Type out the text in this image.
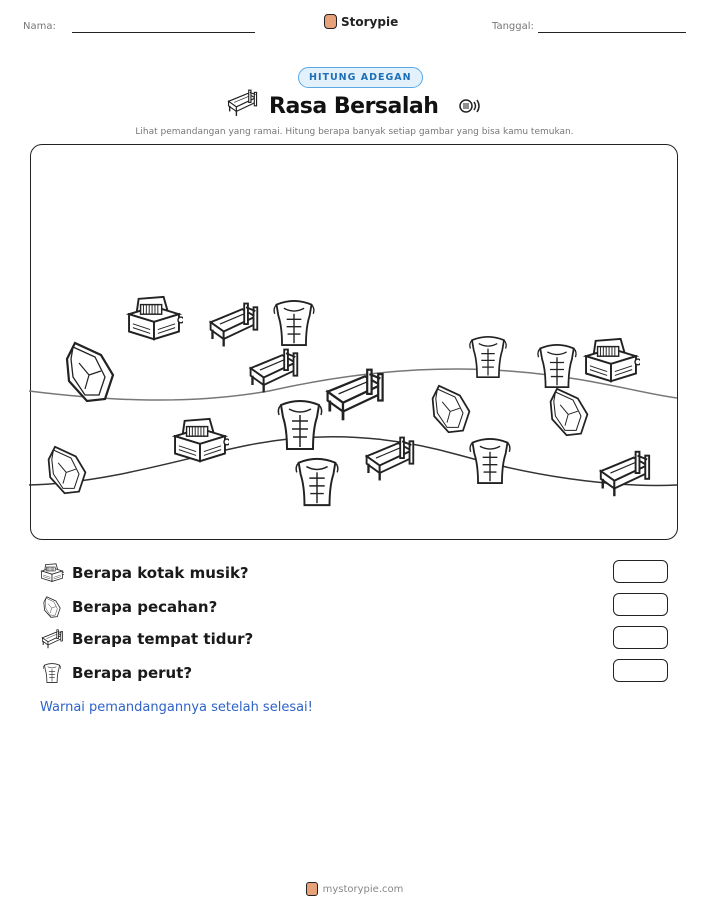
Nama:	Storypie	Tanggal:
HITUNG ADEGAN
Rasa Bersalah
Lihat pemandangan yang ramai. Hitung berapa banyak setiap gambar yang bisa kamu temukan.
Berapa kotak musik?
Berapa pecahan?
Berapa tempat tidur?
Berapa perut?
Warnai pemandangannya setelah selesai!
mystorypie.com
